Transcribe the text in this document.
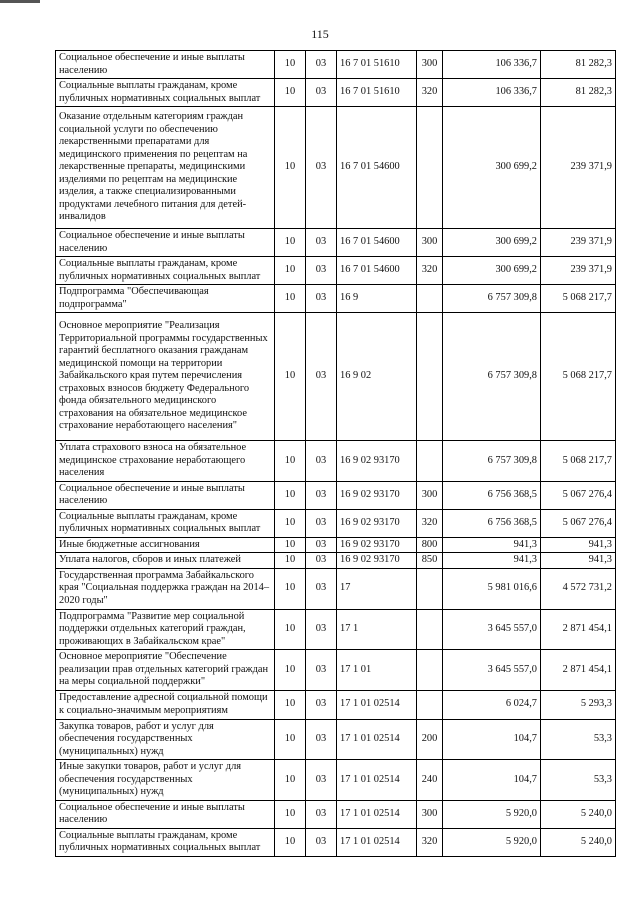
115
Социальное обеспечение и иные выплаты населению	10	03	16 7 01 51610	300	106 336,7	81 282,3
Социальные выплаты гражданам, кроме публичных нормативных социальных выплат	10	03	16 7 01 51610	320	106 336,7	81 282,3
Оказание отдельным категориям граждан социальной услуги по обеспечению лекарственными препаратами для медицинского применения по рецептам на лекарственные препараты, медицинскими изделиями по рецептам на медицинские изделия, а также специализированными продуктами лечебного питания для детей-инвалидов	10	03	16 7 01 54600		300 699,2	239 371,9
Социальное обеспечение и иные выплаты населению	10	03	16 7 01 54600	300	300 699,2	239 371,9
Социальные выплаты гражданам, кроме публичных нормативных социальных выплат	10	03	16 7 01 54600	320	300 699,2	239 371,9
Подпрограмма "Обеспечивающая подпрограмма"	10	03	16 9		6 757 309,8	5 068 217,7
Основное мероприятие "Реализация Территориальной программы государственных гарантий бесплатного оказания гражданам медицинской помощи на территории Забайкальского края путем перечисления страховых взносов бюджету Федерального фонда обязательного медицинского страхования на обязательное медицинское страхование неработающего населения"	10	03	16 9 02		6 757 309,8	5 068 217,7
Уплата страхового взноса на обязательное медицинское страхование неработающего населения	10	03	16 9 02 93170		6 757 309,8	5 068 217,7
Социальное обеспечение и иные выплаты населению	10	03	16 9 02 93170	300	6 756 368,5	5 067 276,4
Социальные выплаты гражданам, кроме публичных нормативных социальных выплат	10	03	16 9 02 93170	320	6 756 368,5	5 067 276,4
Иные бюджетные ассигнования	10	03	16 9 02 93170	800	941,3	941,3
Уплата налогов, сборов и иных платежей	10	03	16 9 02 93170	850	941,3	941,3
Государственная программа Забайкальского края "Социальная поддержка граждан на 2014–2020 годы"	10	03	17		5 981 016,6	4 572 731,2
Подпрограмма "Развитие мер социальной поддержки отдельных категорий граждан, проживающих в Забайкальском крае"	10	03	17 1		3 645 557,0	2 871 454,1
Основное мероприятие "Обеспечение реализации прав отдельных категорий граждан на меры социальной поддержки"	10	03	17 1 01		3 645 557,0	2 871 454,1
Предоставление адресной социальной помощи к социально-значимым мероприятиям	10	03	17 1 01 02514		6 024,7	5 293,3
Закупка товаров, работ и услуг для обеспечения государственных (муниципальных) нужд	10	03	17 1 01 02514	200	104,7	53,3
Иные закупки товаров, работ и услуг для обеспечения государственных (муниципальных) нужд	10	03	17 1 01 02514	240	104,7	53,3
Социальное обеспечение и иные выплаты населению	10	03	17 1 01 02514	300	5 920,0	5 240,0
Социальные выплаты гражданам, кроме публичных нормативных социальных выплат	10	03	17 1 01 02514	320	5 920,0	5 240,0
